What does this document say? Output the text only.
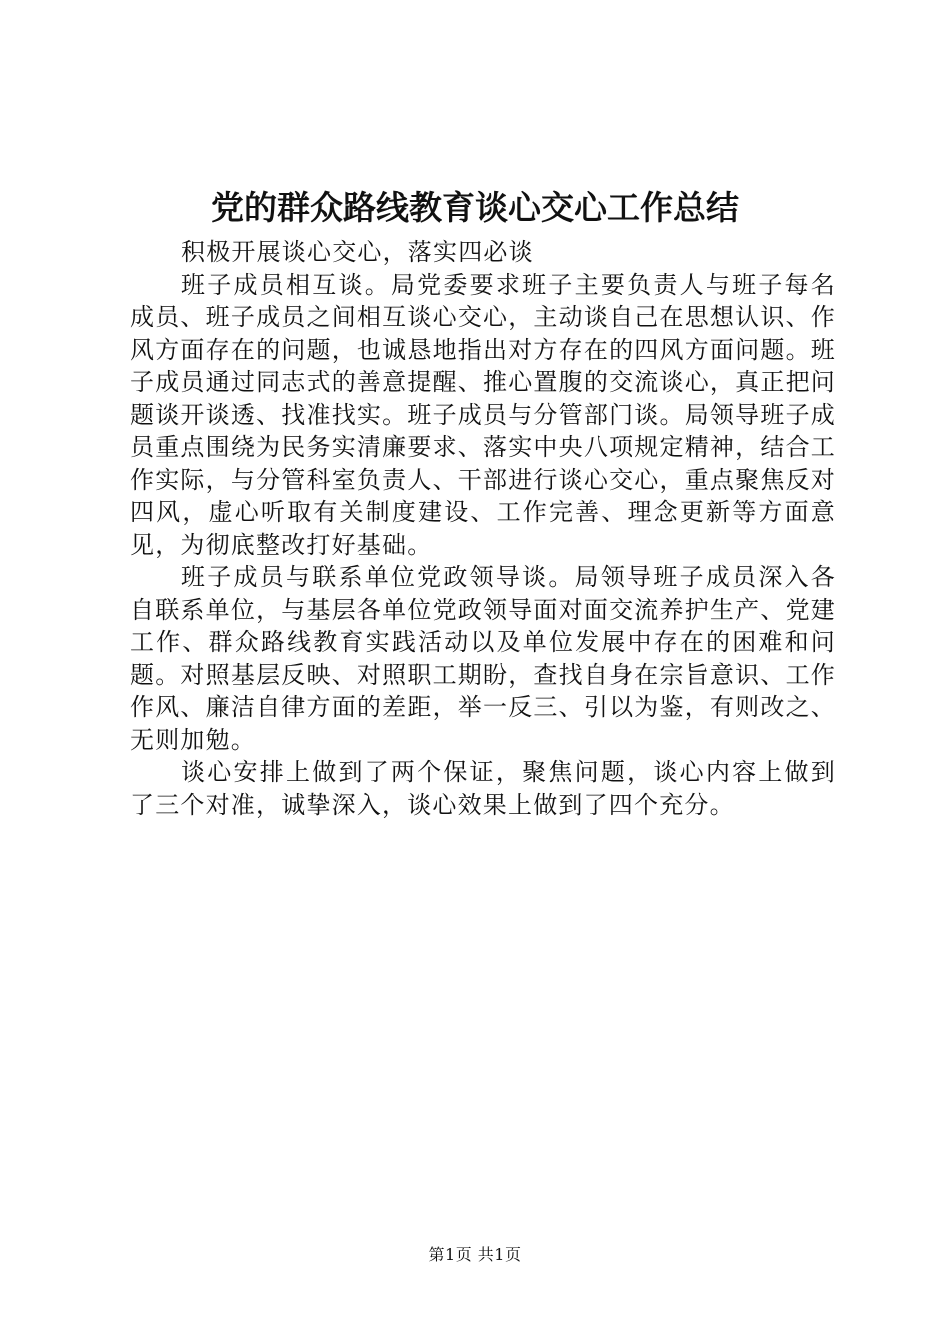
党的群众路线教育谈心交心工作总结

积极开展谈心交心，落实四必谈

班子成员相互谈。局党委要求班子主要负责人与班子每名成员、班子成员之间相互谈心交心，主动谈自己在思想认识、作风方面存在的问题，也诚恳地指出对方存在的四风方面问题。班子成员通过同志式的善意提醒、推心置腹的交流谈心，真正把问题谈开谈透、找准找实。班子成员与分管部门谈。局领导班子成员重点围绕为民务实清廉要求、落实中央八项规定精神，结合工作实际，与分管科室负责人、干部进行谈心交心，重点聚焦反对四风，虚心听取有关制度建设、工作完善、理念更新等方面意见，为彻底整改打好基础。

班子成员与联系单位党政领导谈。局领导班子成员深入各自联系单位，与基层各单位党政领导面对面交流养护生产、党建工作、群众路线教育实践活动以及单位发展中存在的困难和问题。对照基层反映、对照职工期盼，查找自身在宗旨意识、工作作风、廉洁自律方面的差距，举一反三、引以为鉴，有则改之、无则加勉。

谈心安排上做到了两个保证，聚焦问题，谈心内容上做到了三个对准，诚挚深入，谈心效果上做到了四个充分。

第1页 共1页
